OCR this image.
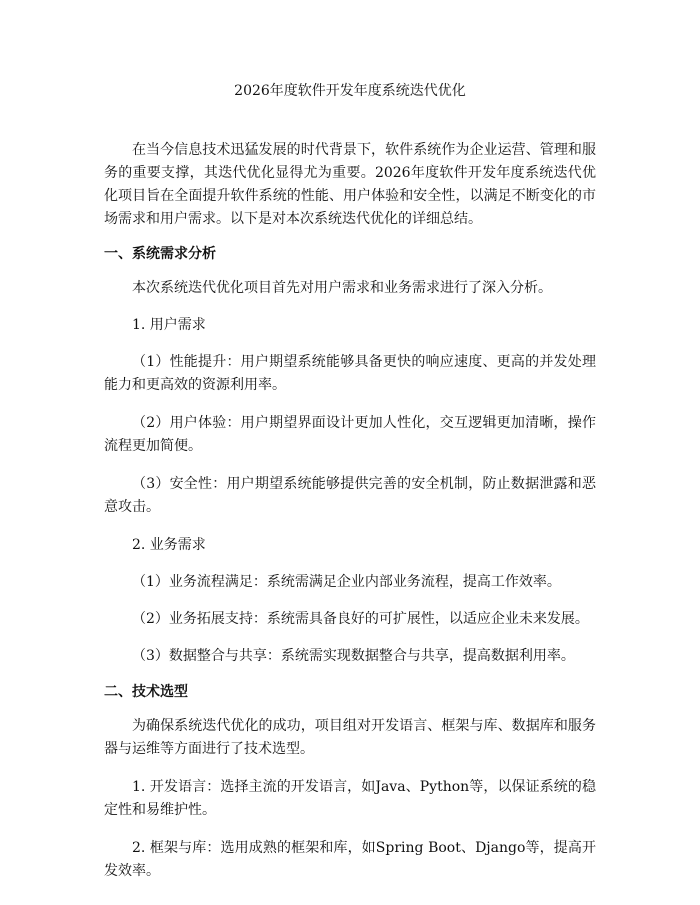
2026年度软件开发年度系统迭代优化

在当今信息技术迅猛发展的时代背景下，软件系统作为企业运营、管理和服务的重要支撑，其迭代优化显得尤为重要。2026年度软件开发年度系统迭代优化项目旨在全面提升软件系统的性能、用户体验和安全性，以满足不断变化的市场需求和用户需求。以下是对本次系统迭代优化的详细总结。

一、系统需求分析

本次系统迭代优化项目首先对用户需求和业务需求进行了深入分析。

1. 用户需求

（1）性能提升：用户期望系统能够具备更快的响应速度、更高的并发处理能力和更高效的资源利用率。

（2）用户体验：用户期望界面设计更加人性化，交互逻辑更加清晰，操作流程更加简便。

（3）安全性：用户期望系统能够提供完善的安全机制，防止数据泄露和恶意攻击。

2. 业务需求

（1）业务流程满足：系统需满足企业内部业务流程，提高工作效率。

（2）业务拓展支持：系统需具备良好的可扩展性，以适应企业未来发展。

（3）数据整合与共享：系统需实现数据整合与共享，提高数据利用率。

二、技术选型

为确保系统迭代优化的成功，项目组对开发语言、框架与库、数据库和服务器与运维等方面进行了技术选型。

1. 开发语言：选择主流的开发语言，如Java、Python等，以保证系统的稳定性和易维护性。

2. 框架与库：选用成熟的框架和库，如Spring Boot、Django等，提高开发效率。
